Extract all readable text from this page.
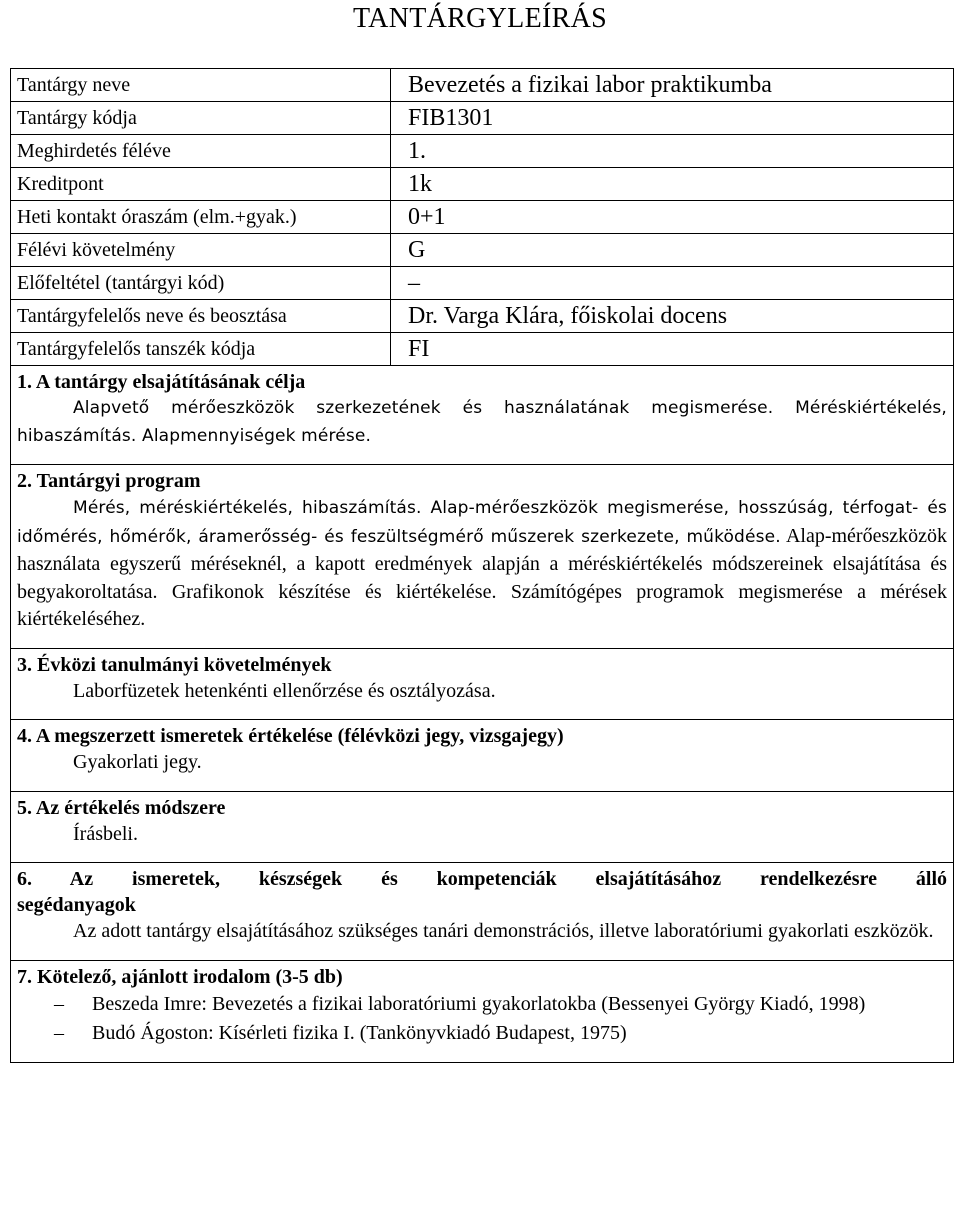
TANTÁRGYLEÍRÁS
Tantárgy neve	Bevezetés a fizikai labor praktikumba
Tantárgy kódja	FIB1301
Meghirdetés féléve	1.
Kreditpont	1k
Heti kontakt óraszám (elm.+gyak.)	0+1
Félévi követelmény	G
Előfeltétel (tantárgyi kód)	–
Tantárgyfelelős neve és beosztása	Dr. Varga Klára, főiskolai docens
Tantárgyfelelős tanszék kódja	FI

1. A tantárgy elsajátításának célja

Alapvető mérőeszközök szerkezetének és használatának megismerése. Méréskiértékelés, hibaszámítás. Alapmennyiségek mérése.	

2. Tantárgyi program

Mérés, méréskiértékelés, hibaszámítás. Alap-mérőeszközök megismerése, hosszúság, térfogat- és időmérés, hőmérők, áramerősség- és feszültségmérő műszerek szerkezete, működése. Alap-mérőeszközök használata egyszerű méréseknél, a kapott eredmények alapján a méréskiértékelés módszereinek elsajátítása és begyakoroltatása. Grafikonok készítése és kiértékelése. Számítógépes programok megismerése a mérések kiértékeléséhez.	

3. Évközi tanulmányi követelmények

Laborfüzetek hetenkénti ellenőrzése és osztályozása.	

4. A megszerzett ismeretek értékelése (félévközi jegy, vizsgajegy)

Gyakorlati jegy.	

5. Az értékelés módszere

Írásbeli.	

6. Az ismeretek, készségek és kompetenciák elsajátításához rendelkezésre álló
segédanyagok

Az adott tantárgy elsajátításához szükséges tanári demonstrációs, illetve laboratóriumi gyakorlati eszközök.	

7. Kötelező, ajánlott irodalom (3-5 db)
– Beszeda Imre: Bevezetés a fizikai laboratóriumi gyakorlatokba (Bessenyei György Kiadó, 1998)
– Budó Ágoston: Kísérleti fizika I. (Tankönyvkiadó Budapest, 1975)	
